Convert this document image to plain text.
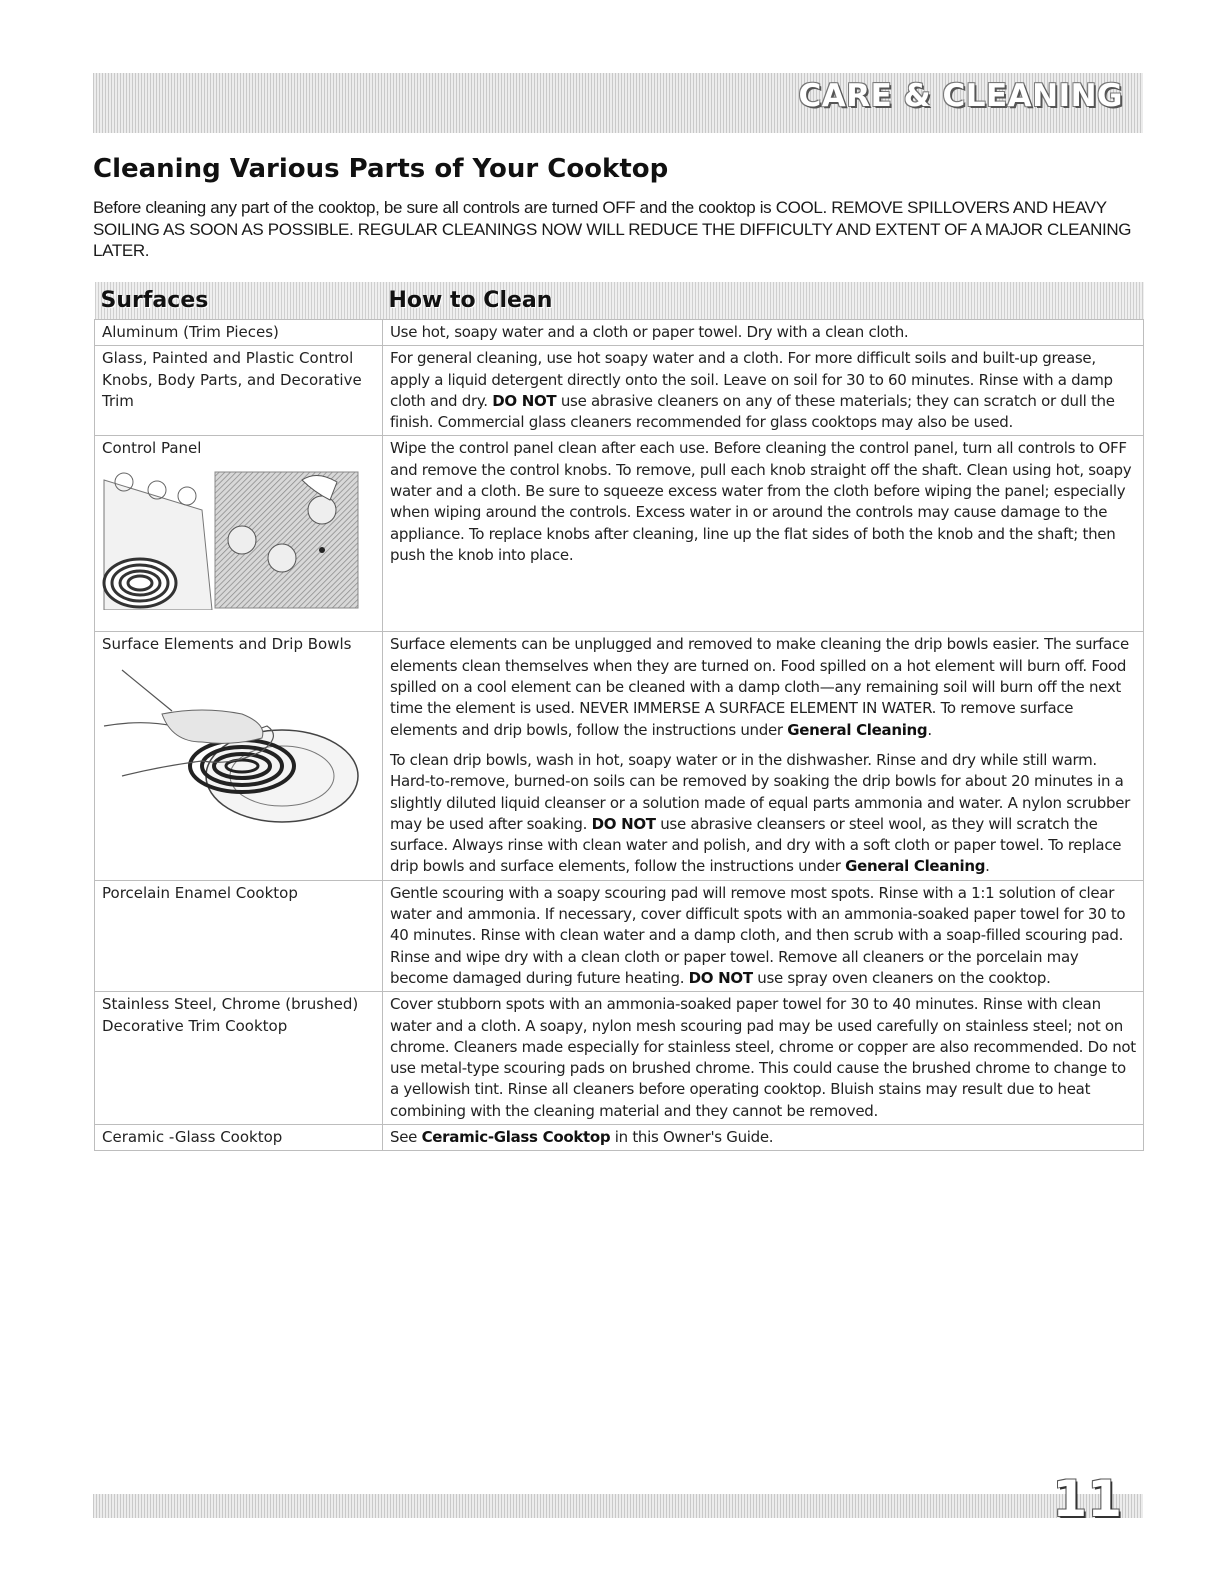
CARE & CLEANING
Cleaning Various Parts of Your Cooktop

Before cleaning any part of the cooktop, be sure all controls are turned OFF and the cooktop is COOL. REMOVE SPILLOVERS AND HEAVY SOILING AS SOON AS POSSIBLE. REGULAR CLEANINGS NOW WILL REDUCE THE DIFFICULTY AND EXTENT OF A MAJOR CLEANING LATER.

Surfaces	How to Clean
Aluminum (Trim Pieces)	Use hot, soapy water and a cloth or paper towel. Dry with a clean cloth.
Glass, Painted and Plastic Control Knobs, Body Parts, and Decorative Trim	For general cleaning, use hot soapy water and a cloth. For more difficult soils and built-up grease, apply a liquid detergent directly onto the soil. Leave on soil for 30 to 60 minutes. Rinse with a damp cloth and dry. DO NOT use abrasive cleaners on any of these materials; they can scratch or dull the finish. Commercial glass cleaners recommended for glass cooktops may also be used.

Control Panel	Wipe the control panel clean after each use. Before cleaning the control panel, turn all controls to OFF and remove the control knobs. To remove, pull each knob straight off the shaft. Clean using hot, soapy water and a cloth. Be sure to squeeze excess water from the cloth before wiping the panel; especially when wiping around the controls. Excess water in or around the controls may cause damage to the appliance. To replace knobs after cleaning, line up the flat sides of both the knob and the shaft; then push the knob into place.

Surface Elements and Drip Bowls	Surface elements can be unplugged and removed to make cleaning the drip bowls easier. The surface elements clean themselves when they are turned on. Food spilled on a hot element will burn off. Food spilled on a cool element can be cleaned with a damp cloth—any remaining soil will burn off the next time the element is used. NEVER IMMERSE A SURFACE ELEMENT IN WATER. To remove surface elements and drip bowls, follow the instructions under General Cleaning.
To clean drip bowls, wash in hot, soapy water or in the dishwasher. Rinse and dry while still warm. Hard-to-remove, burned-on soils can be removed by soaking the drip bowls for about 20 minutes in a slightly diluted liquid cleanser or a solution made of equal parts ammonia and water. A nylon scrubber may be used after soaking. DO NOT use abrasive cleansers or steel wool, as they will scratch the surface. Always rinse with clean water and polish, and dry with a soft cloth or paper towel. To replace drip bowls and surface elements, follow the instructions under General Cleaning.

Porcelain Enamel Cooktop	Gentle scouring with a soapy scouring pad will remove most spots. Rinse with a 1:1 solution of clear water and ammonia. If necessary, cover difficult spots with an ammonia-soaked paper towel for 30 to 40 minutes. Rinse with clean water and a damp cloth, and then scrub with a soap-filled scouring pad. Rinse and wipe dry with a clean cloth or paper towel. Remove all cleaners or the porcelain may become damaged during future heating. DO NOT use spray oven cleaners on the cooktop.
Stainless Steel, Chrome (brushed) Decorative Trim Cooktop	Cover stubborn spots with an ammonia-soaked paper towel for 30 to 40 minutes. Rinse with clean water and a cloth. A soapy, nylon mesh scouring pad may be used carefully on stainless steel; not on chrome. Cleaners made especially for stainless steel, chrome or copper are also recommended. Do not use metal-type scouring pads on brushed chrome. This could cause the brushed chrome to change to a yellowish tint. Rinse all cleaners before operating cooktop. Bluish stains may result due to heat combining with the cleaning material and they cannot be removed.
Ceramic -Glass Cooktop	See Ceramic-Glass Cooktop in this Owner's Guide.
11
